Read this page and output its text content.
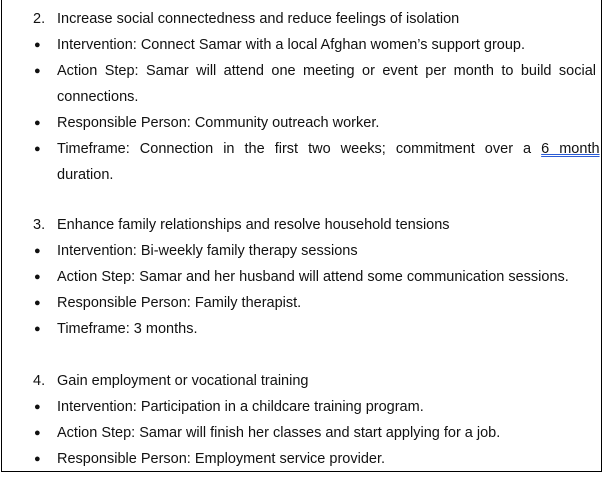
2. Increase social connectedness and reduce feelings of isolation
● Intervention: Connect Samar with a local Afghan women’s support group.
● Action Step: Samar will attend one meeting or event per month to build social
connections.
● Responsible Person: Community outreach worker.
● Timeframe: Connection in the first two weeks; commitment over a 6 month
duration.
3. Enhance family relationships and resolve household tensions
● Intervention: Bi-weekly family therapy sessions
● Action Step: Samar and her husband will attend some communication sessions.
● Responsible Person: Family therapist.
● Timeframe: 3 months.
4. Gain employment or vocational training
● Intervention: Participation in a childcare training program.
● Action Step: Samar will finish her classes and start applying for a job.
● Responsible Person: Employment service provider.
